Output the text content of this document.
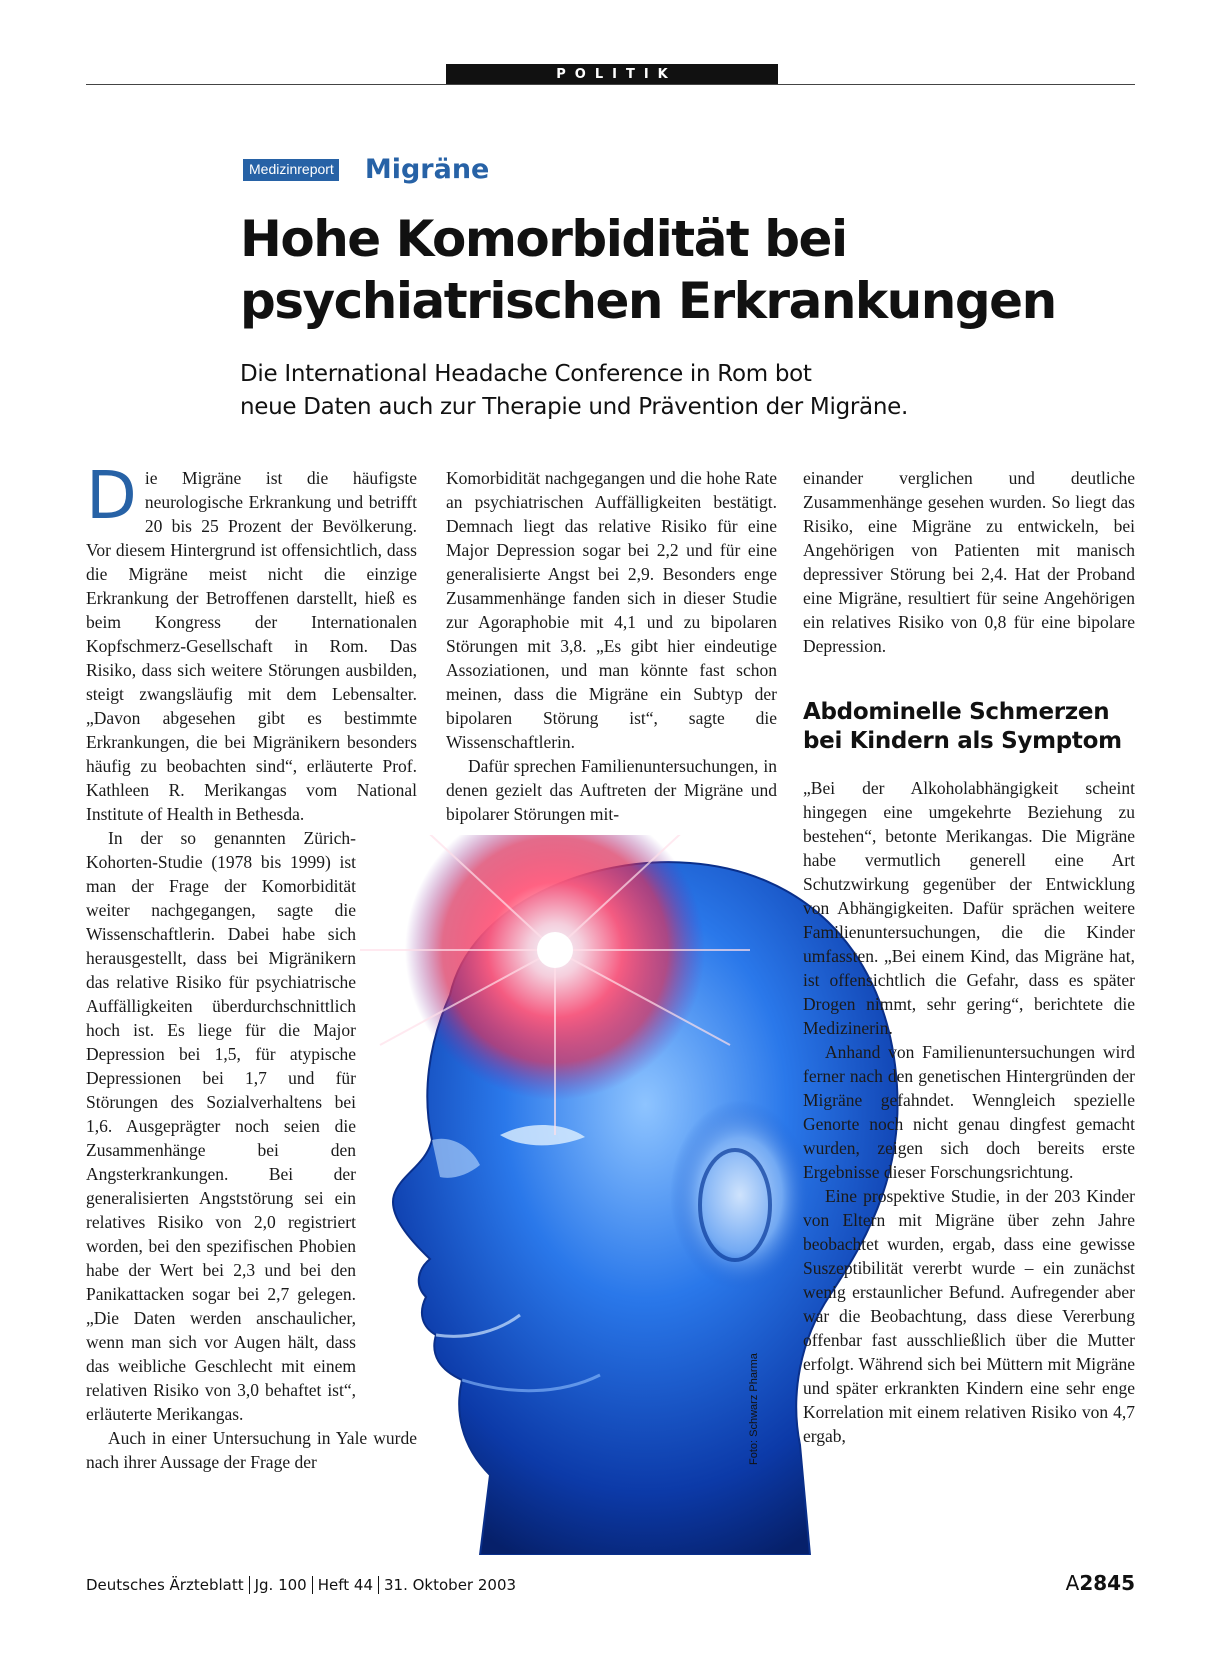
POLITIK
Medizinreport Migräne
Hohe Komorbidität bei
psychiatrischen Erkrankungen
Die International Headache Conference in Rom bot
neue Daten auch zur Therapie und Prävention der Migräne.
Foto: Schwarz Pharma

Die Migräne ist die häufigste neurologische Erkrankung und betrifft 20 bis 25 Prozent der Bevölkerung. Vor diesem Hintergrund ist offensichtlich, dass die Migräne meist nicht die einzige Erkrankung der Betroffenen darstellt, hieß es beim Kongress der Internationalen Kopfschmerz-Gesellschaft in Rom. Das Risiko, dass sich weitere Störungen ausbilden, steigt zwangsläufig mit dem Lebensalter. „Davon abgesehen gibt es bestimmte Erkrankungen, die bei Migränikern besonders häufig zu beobachten sind“, erläuterte Prof. Kathleen R. Merikangas vom National Institute of Health in Bethesda.

In der so genannten Zürich-Kohorten-Studie (1978 bis 1999) ist man der Frage der Komorbidität weiter nachgegangen, sagte die Wissenschaftlerin. Dabei habe sich herausgestellt, dass bei Migränikern das relative Risiko für psychiatrische Auffälligkeiten überdurchschnittlich hoch ist. Es liege für die Major Depression bei 1,5, für atypische Depressionen bei 1,7 und für Störungen des Sozialverhaltens bei 1,6. Ausgeprägter noch seien die Zusammenhänge bei den Angsterkrankungen. Bei der generalisierten Angststörung sei ein relatives Risiko von 2,0 registriert worden, bei den spezifischen Phobien habe der Wert bei 2,3 und bei den Panikattacken sogar bei 2,7 gelegen. „Die Daten werden anschaulicher, wenn man sich vor Augen hält, dass das weibliche Geschlecht mit einem relativen Risiko von 3,0 behaftet ist“, erläuterte Merikangas.

Auch in einer Untersuchung in Yale wurde nach ihrer Aussage der Frage der

Komorbidität nachgegangen und die hohe Rate an psychiatrischen Auffälligkeiten bestätigt. Demnach liegt das relative Risiko für eine Major Depression sogar bei 2,2 und für eine generalisierte Angst bei 2,9. Besonders enge Zusammenhänge fanden sich in dieser Studie zur Agoraphobie mit 4,1 und zu bipolaren Störungen mit 3,8. „Es gibt hier eindeutige Assoziationen, und man könnte fast schon meinen, dass die Migräne ein Subtyp der bipolaren Störung ist“, sagte die Wissenschaftlerin.

Dafür sprechen Familienuntersuchungen, in denen gezielt das Auftreten der Migräne und bipolarer Störungen mit-

einander verglichen und deutliche Zusammenhänge gesehen wurden. So liegt das Risiko, eine Migräne zu entwickeln, bei Angehörigen von Patienten mit manisch depressiver Störung bei 2,4. Hat der Proband eine Migräne, resultiert für seine Angehörigen ein relatives Risiko von 0,8 für eine bipolare Depression.

Abdominelle Schmerzen bei Kindern als Symptom

„Bei der Alkoholabhängigkeit scheint hingegen eine umgekehrte Beziehung zu bestehen“, betonte Merikangas. Die Migräne habe vermutlich generell eine Art Schutzwirkung gegenüber der Entwicklung von Abhängigkeiten. Dafür sprächen weitere Familienuntersuchungen, die die Kinder umfassten. „Bei einem Kind, das Migräne hat, ist offensichtlich die Gefahr, dass es später Drogen nimmt, sehr gering“, berichtete die Medizinerin.

Anhand von Familienuntersuchungen wird ferner nach den genetischen Hintergründen der Migräne gefahndet. Wenngleich spezielle Genorte noch nicht genau dingfest gemacht wurden, zeigen sich doch bereits erste Ergebnisse dieser Forschungsrichtung.

Eine prospektive Studie, in der 203 Kinder von Eltern mit Migräne über zehn Jahre beobachtet wurden, ergab, dass eine gewisse Suszeptibilität vererbt wurde – ein zunächst wenig erstaunlicher Befund. Aufregender aber war die Beobachtung, dass diese Vererbung offenbar fast ausschließlich über die Mutter erfolgt. Während sich bei Müttern mit Migräne und später erkrankten Kindern eine sehr enge Korrelation mit einem relativen Risiko von 4,7 ergab,

Deutsches Ärzteblatt Jg. 100 Heft 44 31. Oktober 2003	A2845
